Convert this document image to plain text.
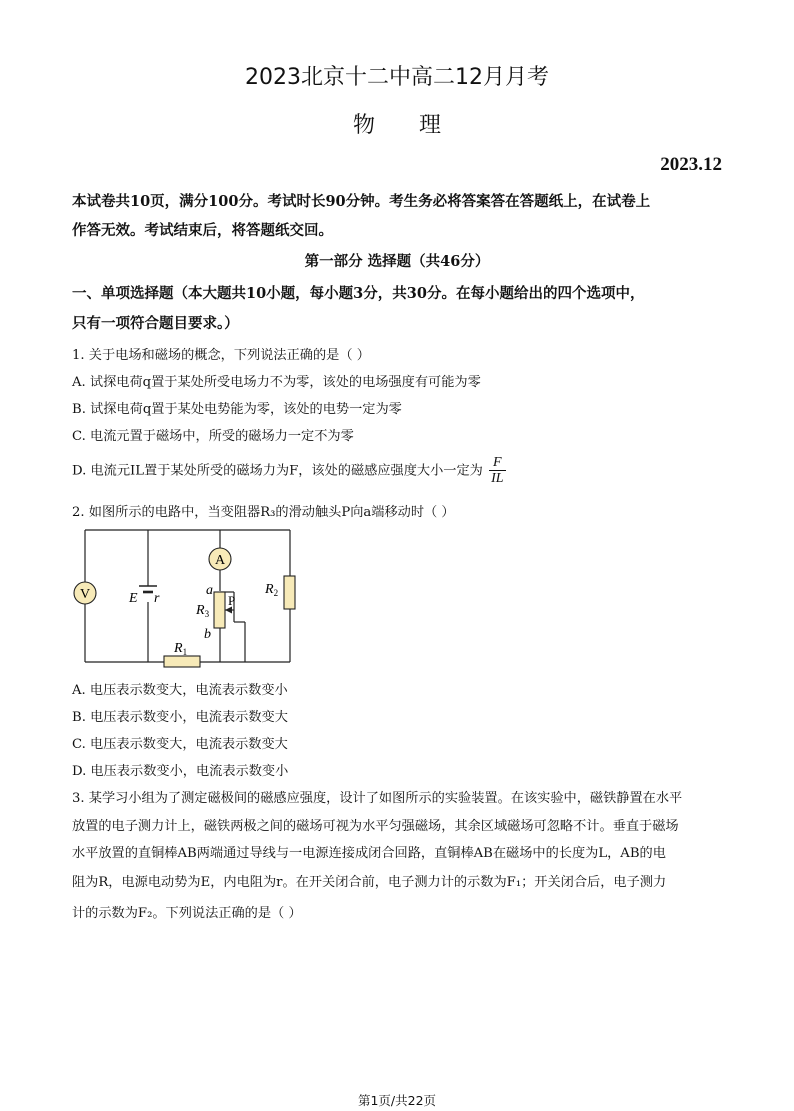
2023北京十二中高二12月月考
物理
2023.12
本试卷共10页，满分100分。考试时长90分钟。考生务必将答案答在答题纸上，在试卷上
作答无效。考试结束后，将答题纸交回。
第一部分 选择题（共46分）
一、单项选择题（本大题共10小题，每小题3分，共30分。在每小题给出的四个选项中，
只有一项符合题目要求。）
1. 关于电场和磁场的概念，下列说法正确的是（ ）
A. 试探电荷q置于某处所受电场力不为零，该处的电场强度有可能为零
B. 试探电荷q置于某处电势能为零，该处的电势一定为零
C. 电流元置于磁场中，所受的磁场力一定不为零
D. 电流元IL置于某处所受的磁场力为F，该处的磁感应强度大小一定为 $\frac{F}{IL}$
2. 如图所示的电路中，当变阻器R₃的滑动触头P向a端移动时（ ）
V
A
E r
a
b
P
$R_3$
$R_2$
$R_1$
A. 电压表示数变大，电流表示数变小
B. 电压表示数变小，电流表示数变大
C. 电压表示数变大，电流表示数变大
D. 电压表示数变小，电流表示数变小
3. 某学习小组为了测定磁极间的磁感应强度，设计了如图所示的实验装置。在该实验中，磁铁静置在水平
放置的电子测力计上，磁铁两极之间的磁场可视为水平匀强磁场，其余区域磁场可忽略不计。垂直于磁场
水平放置的直铜棒AB两端通过导线与一电源连接成闭合回路，直铜棒AB在磁场中的长度为L，AB的电
阻为R，电源电动势为E，内电阻为r。在开关闭合前，电子测力计的示数为F₁；开关闭合后，电子测力
计的示数为F₂。下列说法正确的是（ ）
第1页/共22页
